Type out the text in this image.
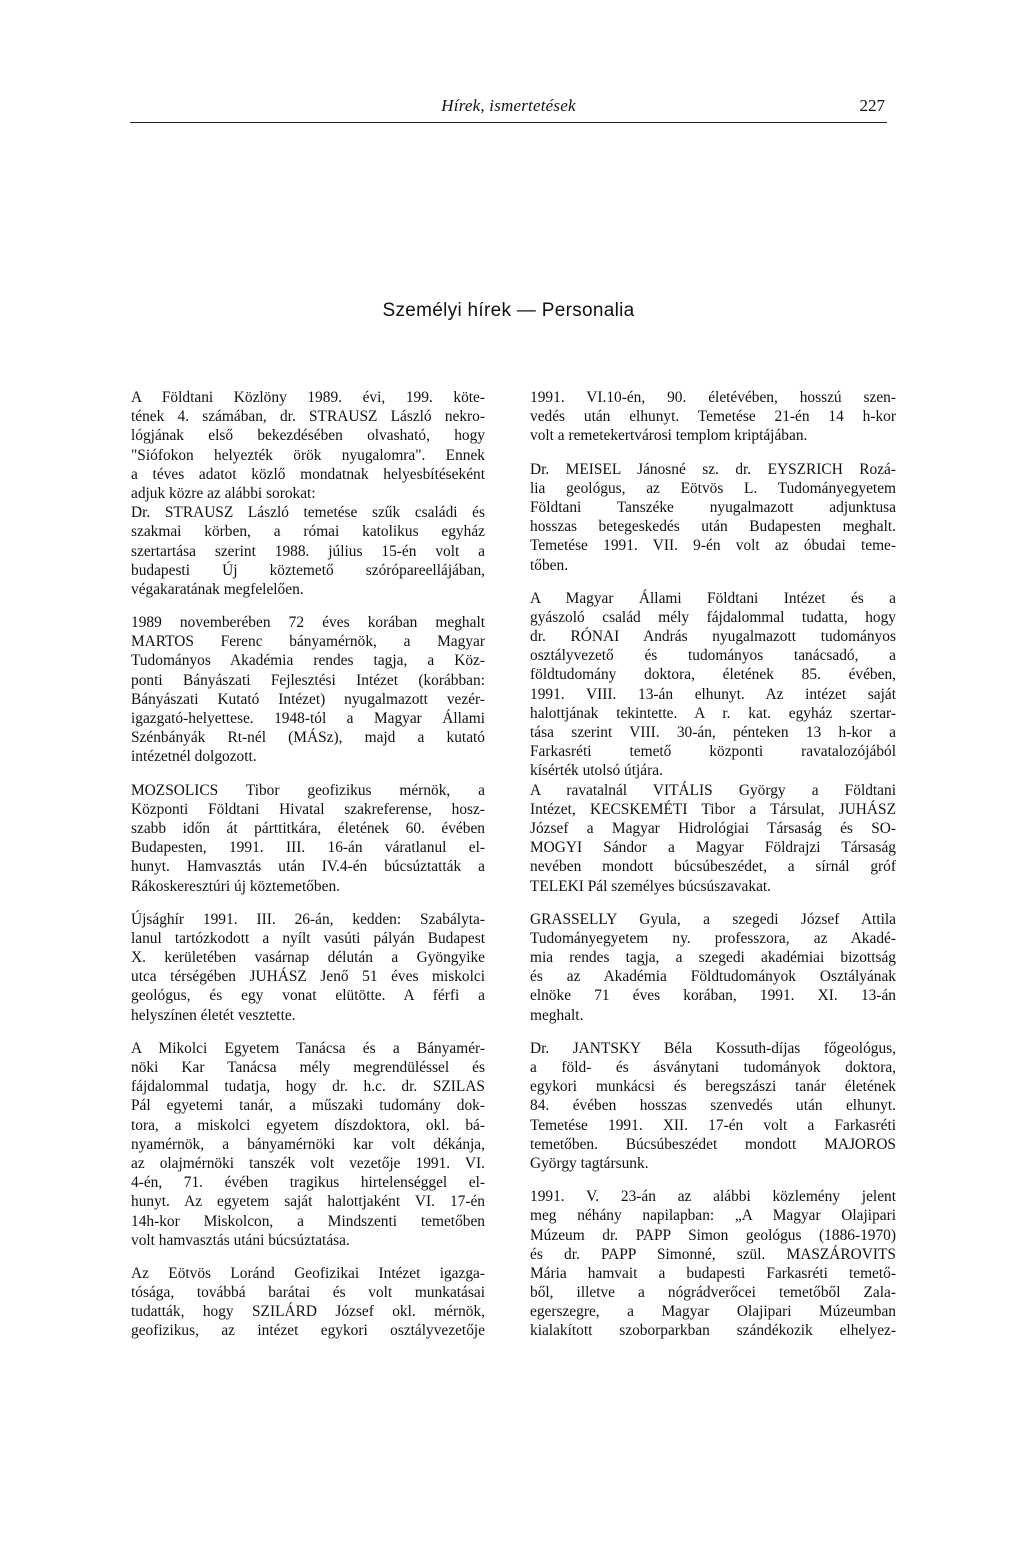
Hírek, ismertetések	227
Személyi hírek — Personalia
A Földtani Közlöny 1989. évi, 199. köte-
tének 4. számában, dr. STRAUSZ László nekro-
lógjának első bekezdésében olvasható, hogy
"Siófokon helyezték örök nyugalomra". Ennek
a téves adatot közlő mondatnak helyesbítéseként
adjuk közre az alábbi sorokat:
Dr. STRAUSZ László temetése szűk családi és
szakmai körben, a római katolikus egyház
szertartása szerint 1988. július 15-én volt a
budapesti Új köztemető szórópareellájában,
végakaratának megfelelően.
1989 novemberében 72 éves korában meghalt
MARTOS Ferenc bányamérnök, a Magyar
Tudományos Akadémia rendes tagja, a Köz-
ponti Bányászati Fejlesztési Intézet (korábban:
Bányászati Kutató Intézet) nyugalmazott vezér-
igazgató-helyettese. 1948-tól a Magyar Állami
Szénbányák Rt-nél (MÁSz), majd a kutató
intézetnél dolgozott.
MOZSOLICS Tibor geofizikus mérnök, a
Központi Földtani Hivatal szakreferense, hosz-
szabb időn át párttitkára, életének 60. évében
Budapesten, 1991. III. 16-án váratlanul el-
hunyt. Hamvasztás után IV.4-én búcsúztatták a
Rákoskeresztúri új köztemetőben.
Újsághír 1991. III. 26-án, kedden: Szabályta-
lanul tartózkodott a nyílt vasúti pályán Budapest
X. kerületében vasárnap délután a Gyöngyike
utca térségében JUHÁSZ Jenő 51 éves miskolci
geológus, és egy vonat elütötte. A férfi a
helyszínen életét vesztette.
A Mikolci Egyetem Tanácsa és a Bányamér-
nöki Kar Tanácsa mély megrendüléssel és
fájdalommal tudatja, hogy dr. h.c. dr. SZILAS
Pál egyetemi tanár, a műszaki tudomány dok-
tora, a miskolci egyetem díszdoktora, okl. bá-
nyamérnök, a bányamérnöki kar volt dékánja,
az olajmérnöki tanszék volt vezetője 1991. VI.
4-én, 71. évében tragikus hirtelenséggel el-
hunyt. Az egyetem saját halottjaként VI. 17-én
14h-kor Miskolcon, a Mindszenti temetőben
volt hamvasztás utáni búcsúztatása.
Az Eötvös Loránd Geofizikai Intézet igazga-
tósága, továbbá barátai és volt munkatásai
tudatták, hogy SZILÁRD József okl. mérnök,
geofizikus, az intézet egykori osztályvezetője
1991. VI.10-én, 90. életévében, hosszú szen-
vedés után elhunyt. Temetése 21-én 14 h-kor
volt a remetekertvárosi templom kriptájában.
Dr. MEISEL Jánosné sz. dr. EYSZRICH Rozá-
lia geológus, az Eötvös L. Tudományegyetem
Földtani Tanszéke nyugalmazott adjunktusa
hosszas betegeskedés után Budapesten meghalt.
Temetése 1991. VII. 9-én volt az óbudai teme-
tőben.
A Magyar Állami Földtani Intézet és a
gyászoló család mély fájdalommal tudatta, hogy
dr. RÓNAI András nyugalmazott tudományos
osztályvezető és tudományos tanácsadó, a
földtudomány doktora, életének 85. évében,
1991. VIII. 13-án elhunyt. Az intézet saját
halottjának tekintette. A r. kat. egyház szertar-
tása szerint VIII. 30-án, pénteken 13 h-kor a
Farkasréti temető központi ravatalozójából
kísérték utolsó útjára.
A ravatalnál VITÁLIS György a Földtani
Intézet, KECSKEMÉTI Tibor a Társulat, JUHÁSZ
József a Magyar Hidrológiai Társaság és SO-
MOGYI Sándor a Magyar Földrajzi Társaság
nevében mondott búcsúbeszédet, a sírnál gróf
TELEKI Pál személyes búcsúszavakat.
GRASSELLY Gyula, a szegedi József Attila
Tudományegyetem ny. professzora, az Akadé-
mia rendes tagja, a szegedi akadémiai bizottság
és az Akadémia Földtudományok Osztályának
elnöke 71 éves korában, 1991. XI. 13-án
meghalt.
Dr. JANTSKY Béla Kossuth-díjas főgeológus,
a föld- és ásványtani tudományok doktora,
egykori munkácsi és beregszászi tanár életének
84. évében hosszas szenvedés után elhunyt.
Temetése 1991. XII. 17-én volt a Farkasréti
temetőben. Búcsúbeszédet mondott MAJOROS
György tagtársunk.
1991. V. 23-án az alábbi közlemény jelent
meg néhány napilapban: „A Magyar Olajipari
Múzeum dr. PAPP Simon geológus (1886-1970)
és dr. PAPP Simonné, szül. MASZÁROVITS
Mária hamvait a budapesti Farkasréti temető-
ből, illetve a nógrádverőcei temetőből Zala-
egerszegre, a Magyar Olajipari Múzeumban
kialakított szoborparkban szándékozik elhelyez-
